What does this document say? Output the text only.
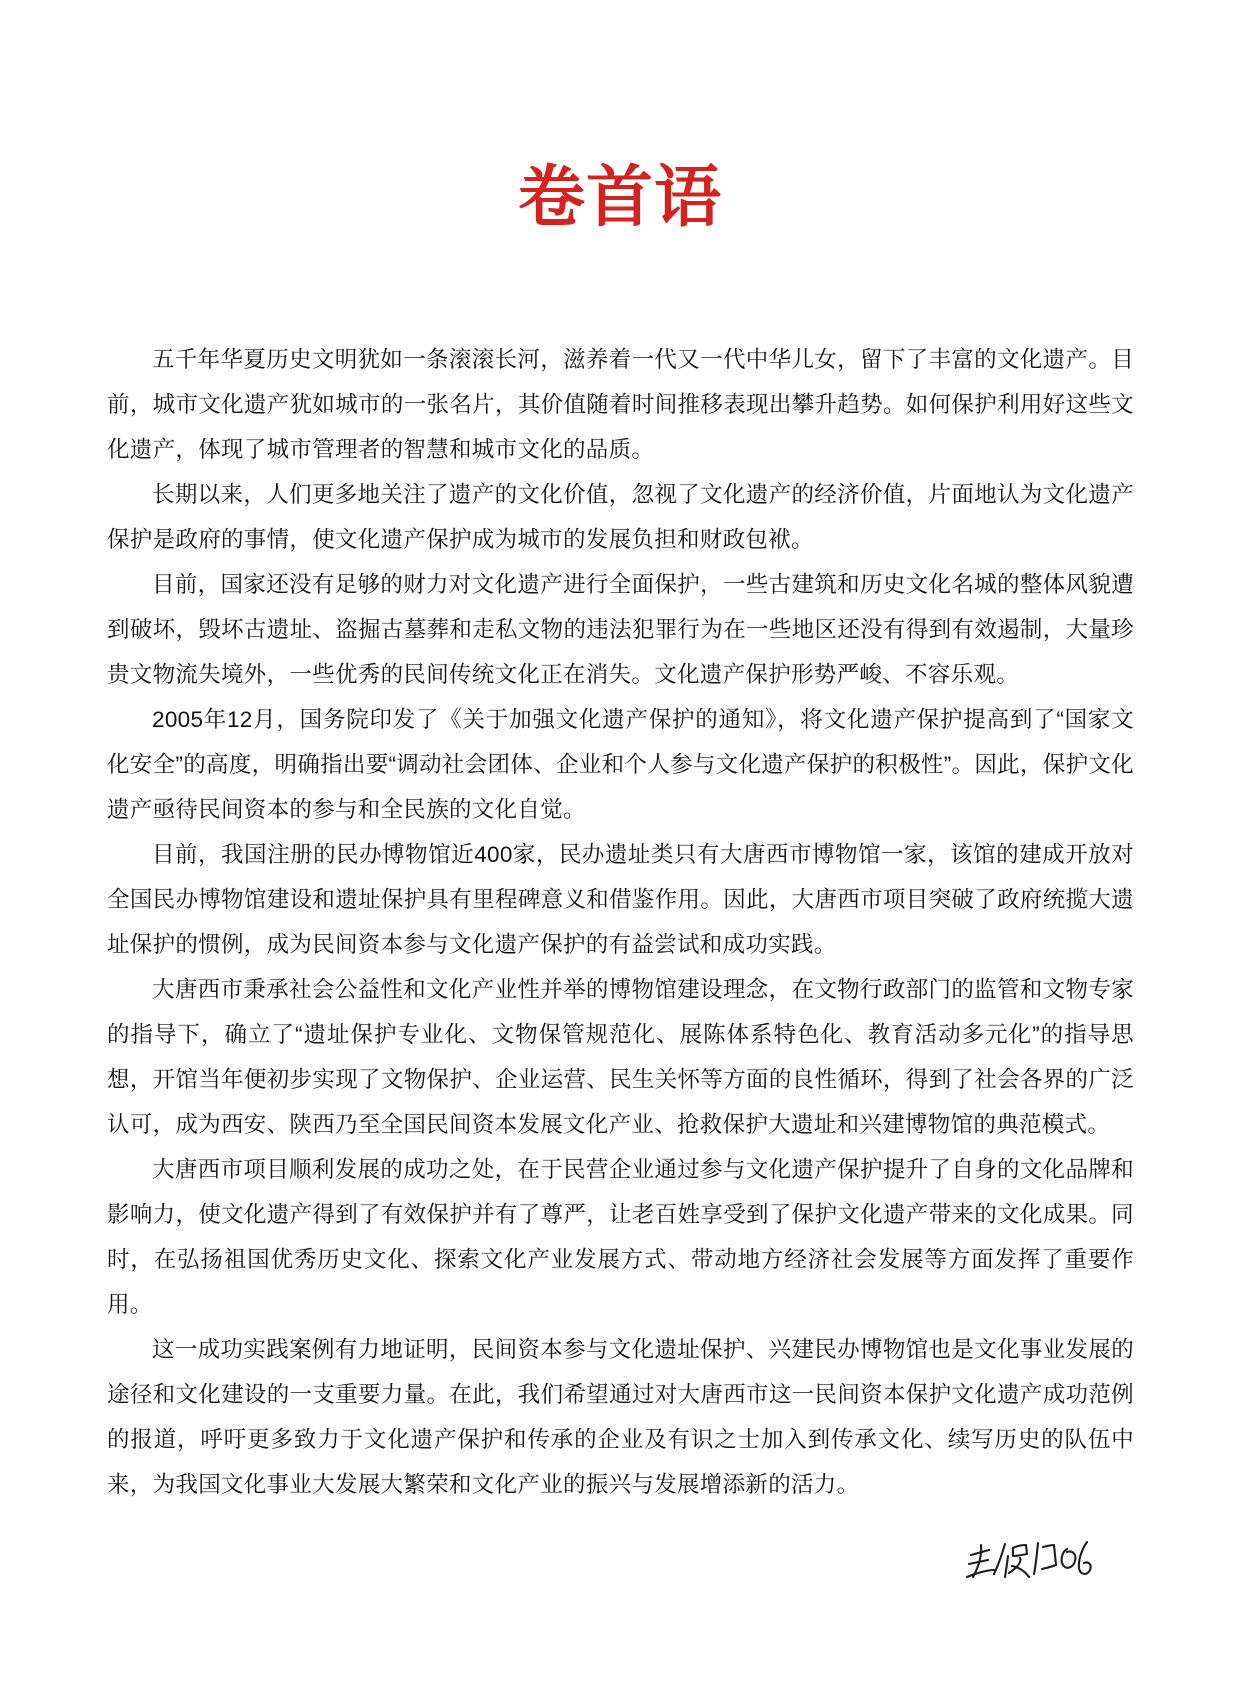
卷首语

五千年华夏历史文明犹如一条滚滚长河，滋养着一代又一代中华儿女，留下了丰富的文化遗产。目前，城市文化遗产犹如城市的一张名片，其价值随着时间推移表现出攀升趋势。如何保护利用好这些文化遗产，体现了城市管理者的智慧和城市文化的品质。

长期以来，人们更多地关注了遗产的文化价值，忽视了文化遗产的经济价值，片面地认为文化遗产保护是政府的事情，使文化遗产保护成为城市的发展负担和财政包袱。

目前，国家还没有足够的财力对文化遗产进行全面保护，一些古建筑和历史文化名城的整体风貌遭到破坏，毁坏古遗址、盗掘古墓葬和走私文物的违法犯罪行为在一些地区还没有得到有效遏制，大量珍贵文物流失境外，一些优秀的民间传统文化正在消失。文化遗产保护形势严峻、不容乐观。

2005年12月，国务院印发了《关于加强文化遗产保护的通知》，将文化遗产保护提高到了“国家文化安全”的高度，明确指出要“调动社会团体、企业和个人参与文化遗产保护的积极性”。因此，保护文化遗产亟待民间资本的参与和全民族的文化自觉。

目前，我国注册的民办博物馆近400家，民办遗址类只有大唐西市博物馆一家，该馆的建成开放对全国民办博物馆建设和遗址保护具有里程碑意义和借鉴作用。因此，大唐西市项目突破了政府统揽大遗址保护的惯例，成为民间资本参与文化遗产保护的有益尝试和成功实践。

大唐西市秉承社会公益性和文化产业性并举的博物馆建设理念，在文物行政部门的监管和文物专家的指导下，确立了“遗址保护专业化、文物保管规范化、展陈体系特色化、教育活动多元化”的指导思想，开馆当年便初步实现了文物保护、企业运营、民生关怀等方面的良性循环，得到了社会各界的广泛认可，成为西安、陕西乃至全国民间资本发展文化产业、抢救保护大遗址和兴建博物馆的典范模式。

大唐西市项目顺利发展的成功之处，在于民营企业通过参与文化遗产保护提升了自身的文化品牌和影响力，使文化遗产得到了有效保护并有了尊严，让老百姓享受到了保护文化遗产带来的文化成果。同时，在弘扬祖国优秀历史文化、探索文化产业发展方式、带动地方经济社会发展等方面发挥了重要作用。

这一成功实践案例有力地证明，民间资本参与文化遗址保护、兴建民办博物馆也是文化事业发展的途径和文化建设的一支重要力量。在此，我们希望通过对大唐西市这一民间资本保护文化遗产成功范例的报道，呼吁更多致力于文化遗产保护和传承的企业及有识之士加入到传承文化、续写历史的队伍中来，为我国文化事业大发展大繁荣和文化产业的振兴与发展增添新的活力。
